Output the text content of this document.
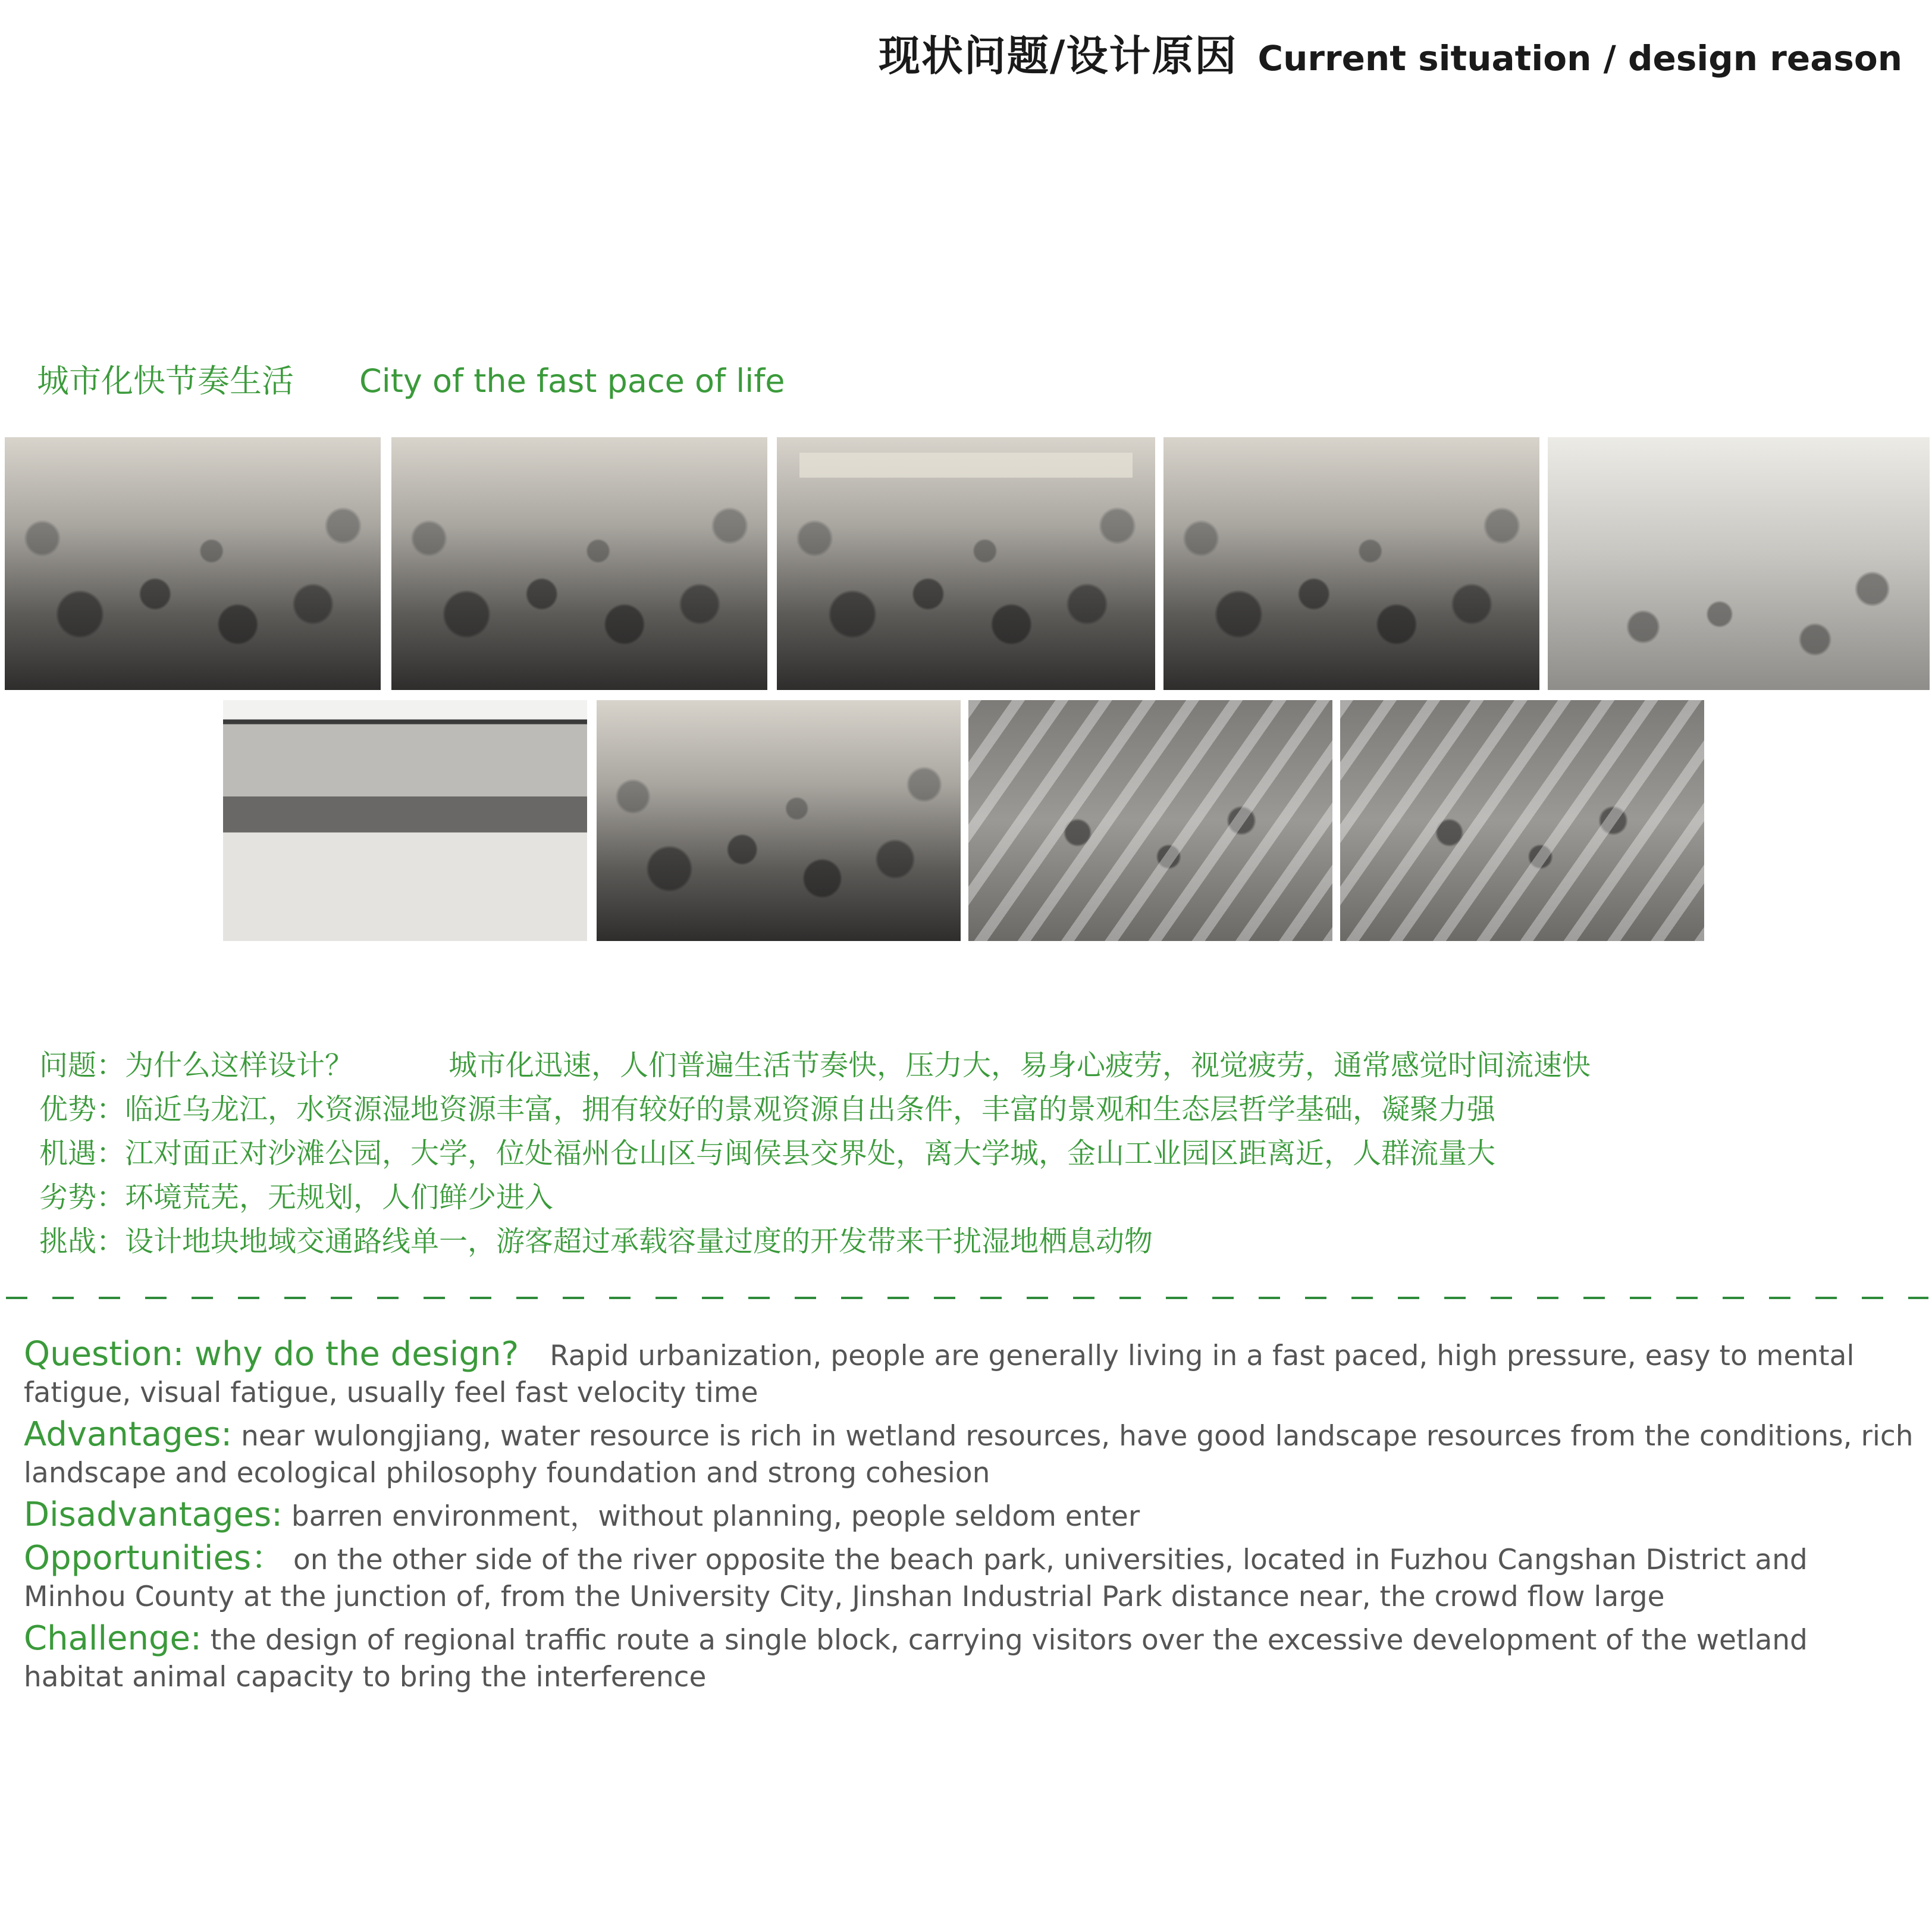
现状问题/设计原因 Current situation / design reason
城市化快节奏生活 City of the fast pace of life
问题：为什么这样设计？	城市化迅速，人们普遍生活节奏快，压力大，易身心疲劳，视觉疲劳，通常感觉时间流速快
优势：临近乌龙江，水资源湿地资源丰富，拥有较好的景观资源自出条件，丰富的景观和生态层哲学基础，凝聚力强
机遇：江对面正对沙滩公园，大学，位处福州仓山区与闽侯县交界处，离大学城，金山工业园区距离近，人群流量大
劣势：环境荒芜，无规划，人们鲜少进入
挑战：设计地块地域交通路线单一，游客超过承载容量过度的开发带来干扰湿地栖息动物
Question: why do the design? Rapid urbanization, people are generally living in a fast paced, high pressure, easy to mental fatigue, visual fatigue, usually feel fast velocity time
Advantages: near wulongjiang, water resource is rich in wetland resources, have good landscape resources from the conditions, rich landscape and ecological philosophy foundation and strong cohesion
Disadvantages: barren environment，without planning, people seldom enter
Opportunities： on the other side of the river opposite the beach park, universities, located in Fuzhou Cangshan District and Minhou County at the junction of, from the University City, Jinshan Industrial Park distance near, the crowd flow large
Challenge: the design of regional traffic route a single block, carrying visitors over the excessive development of the wetland habitat animal capacity to bring the interference
